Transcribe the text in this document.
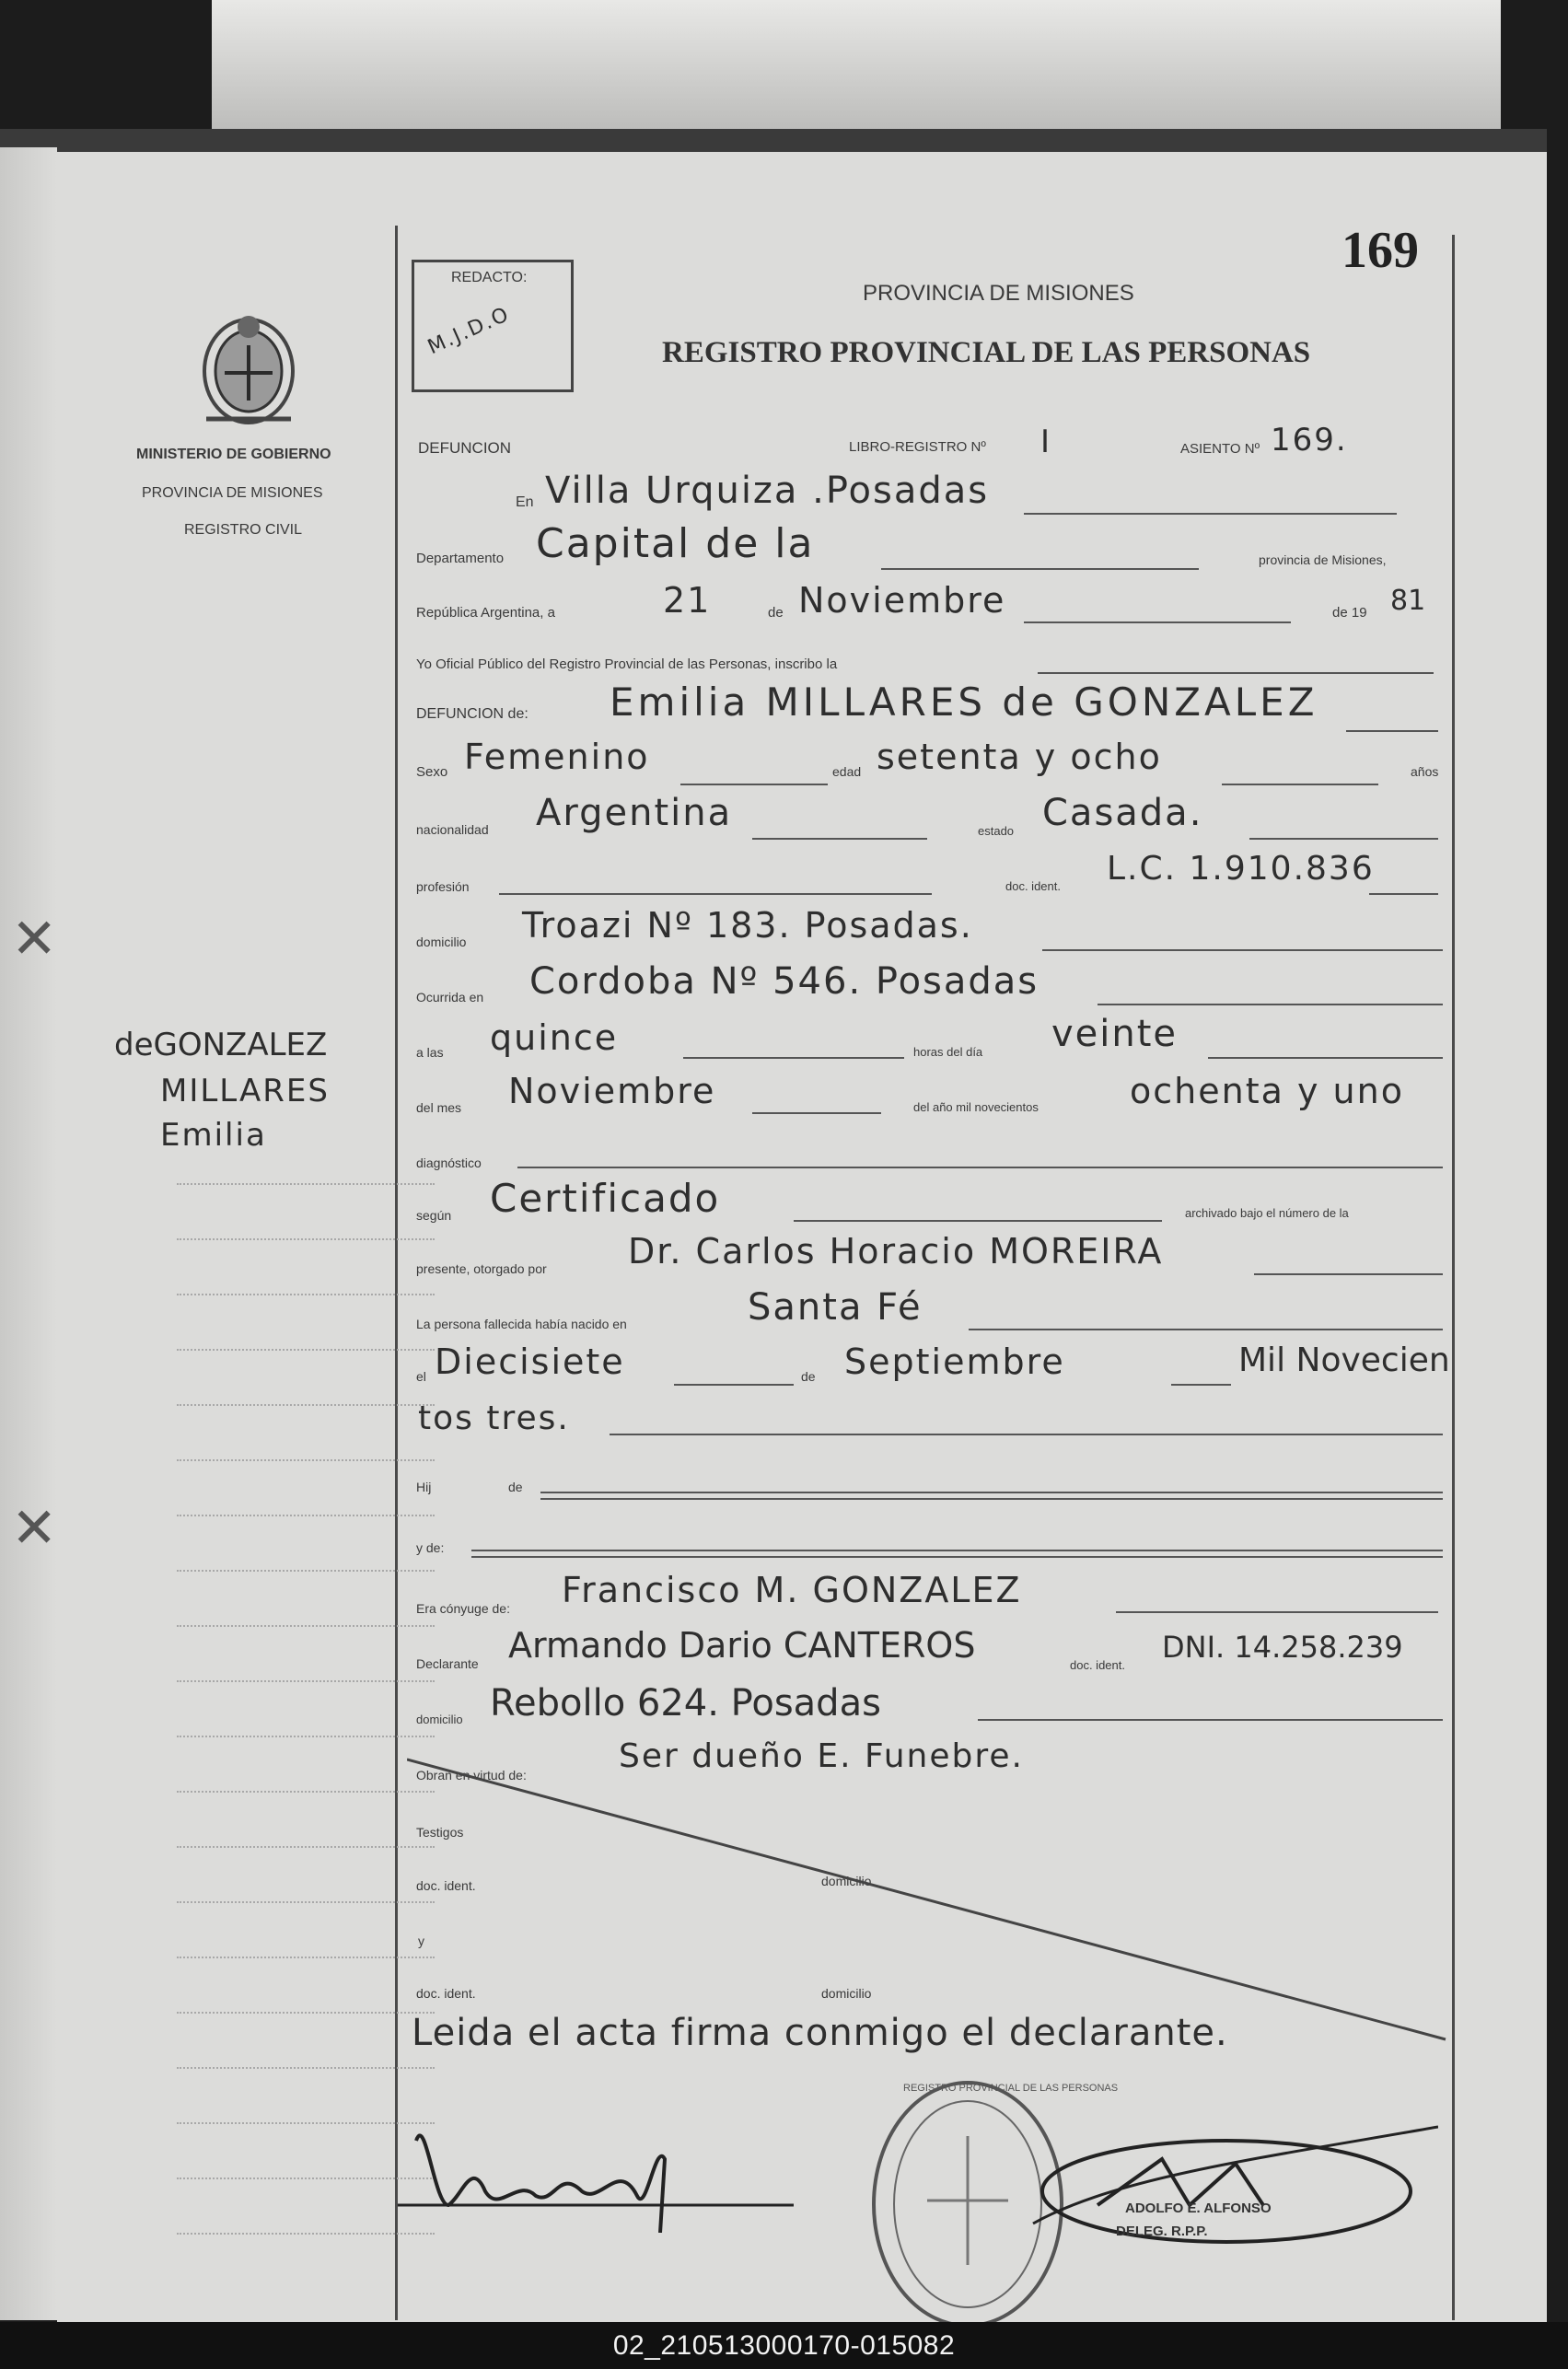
✕
✕
169
REDACTO:
M.J.D.O
PROVINCIA DE MISIONES
REGISTRO PROVINCIAL DE LAS PERSONAS
MINISTERIO DE GOBIERNO
PROVINCIA DE MISIONES
REGISTRO CIVIL
deGONZALEZ
MILLARES
Emilia
DEFUNCION	LIBRO-REGISTRO Nº I	ASIENTO Nº 169.
En Villa Urquiza .Posadas
Departamento Capital de la	provincia de Misiones,
República Argentina, a	21	de Noviembre	de 19 81
Yo Oficial Público del Registro Provincial de las Personas, inscribo la
DEFUNCION de: Emilia MILLARES de GONZALEZ
Sexo Femenino	edad setenta y ocho	años
nacionalidad Argentina	estado Casada.
profesión	doc. ident. L.C. 1.910.836
domicilio Troazi Nº 183. Posadas.
Ocurrida en Cordoba Nº 546. Posadas
a las quince	horas del día veinte
del mes Noviembre	del año mil novecientos	ochenta y uno
diagnóstico
según Certificado	archivado bajo el número de la
presente, otorgado por Dr. Carlos Horacio MOREIRA
La persona fallecida había nacido en	Santa Fé
el Diecisiete	de Septiembre	Mil Novecien
tos tres.
Hij	de
y de:
Era cónyuge de: Francisco M. GONZALEZ
Declarante Armando Dario CANTEROS	doc. ident.
DNI. 14.258.239
domicilio Rebollo 624. Posadas
Obran en virtud de:	Ser dueño E. Funebre.
Testigos
doc. ident.	domicilio
y
doc. ident.	domicilio
Leida el acta firma conmigo el declarante.
REGISTRO PROVINCIAL DE LAS PERSONAS
ADOLFO E. ALFONSO
DELEG. R.P.P.
02_210513000170-015082
